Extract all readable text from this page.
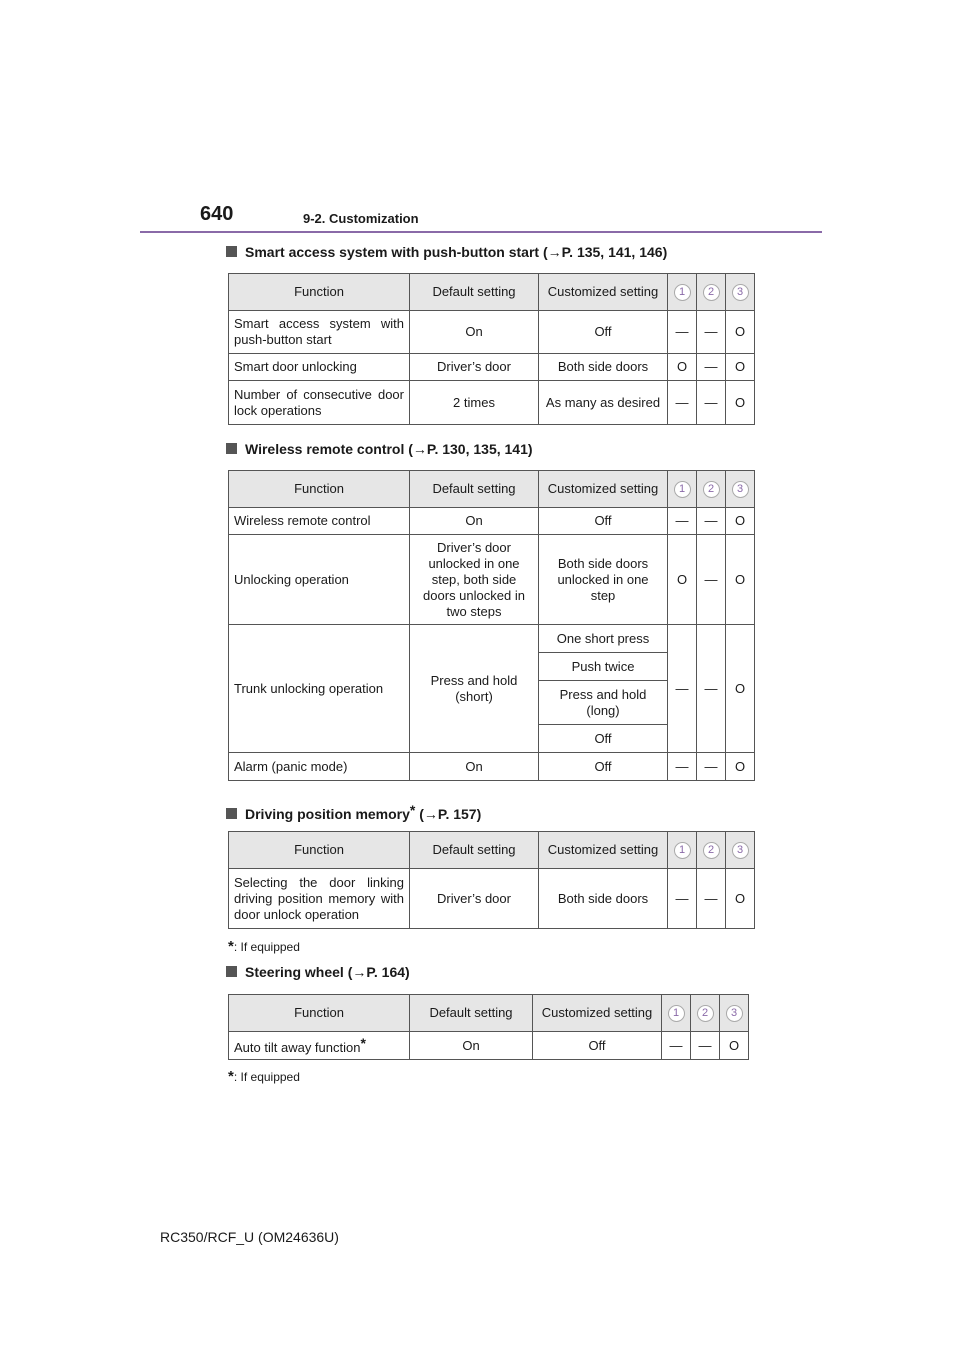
640	9-2. Customization
Smart access system with push-button start (→P. 135, 141, 146)
Function	Default setting	Customized setting	1	2	3
Smart access system with push-button start	On	Off	—	—	O
Smart door unlocking	Driver’s door	Both side doors	O	—	O
Number of consecutive door lock operations	2 times	As many as desired	—	—	O
Wireless remote control (→P. 130, 135, 141)
Function	Default setting	Customized setting	1	2	3
Wireless remote control	On	Off	—	—	O
Unlocking operation	Driver’s door unlocked in one step, both side doors unlocked in two steps	Both side doors unlocked in one step	O	—	O
Trunk unlocking operation	Press and hold (short)	One short press	—	—	O
		Push twice			
		Press and hold (long)			
		Off			
Alarm (panic mode)	On	Off	—	—	O
Driving position memory* (→P. 157)
Function	Default setting	Customized setting	1	2	3
Selecting the door linking driving position memory with door unlock operation	Driver’s door	Both side doors	—	—	O
*: If equipped
Steering wheel (→P. 164)
Function	Default setting	Customized setting	1	2	3
Auto tilt away function*	On	Off	—	—	O
*: If equipped
RC350/RCF_U (OM24636U)
